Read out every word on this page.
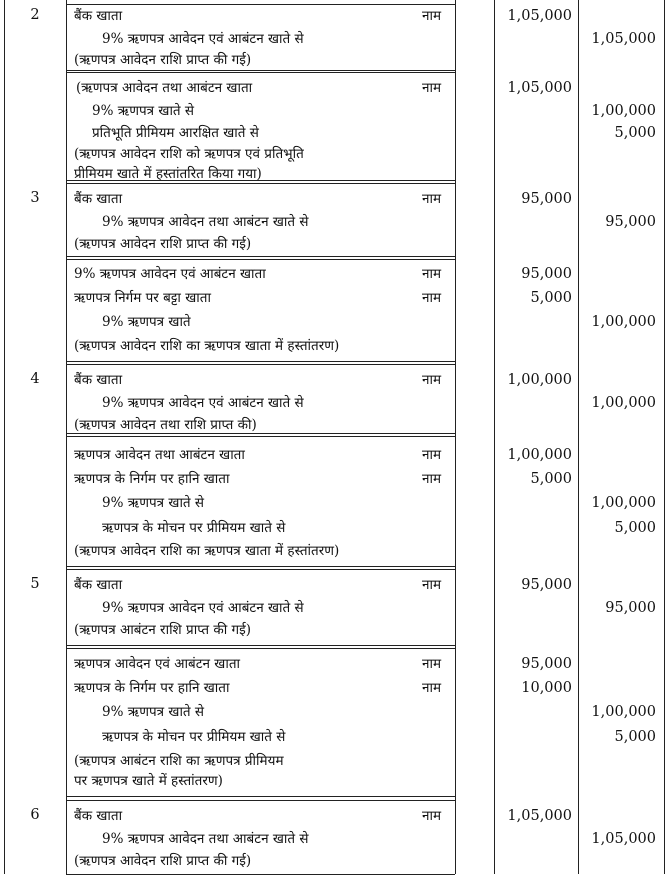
2	बैंक खाता	नाम	1,05,000
9% ऋणपत्र आवेदन एवं आबंटन खाते से	1,05,000
(ऋणपत्र आवेदन राशि प्राप्त की गई)
(ऋणपत्र आवेदन तथा आबंटन खाता	नाम	1,05,000
9% ऋणपत्र खाते से	1,00,000
प्रतिभूति प्रीमियम आरक्षित खाते से	5,000
(ऋणपत्र आवेदन राशि को ऋणपत्र एवं प्रतिभूति
प्रीमियम खाते में हस्तांतरित किया गया)
3	बैंक खाता	नाम	95,000
9% ऋणपत्र आवेदन तथा आबंटन खाते से	95,000
(ऋणपत्र आवेदन राशि प्राप्त की गई)
9% ऋणपत्र आवेदन एवं आबंटन खाता	नाम	95,000
ऋणपत्र निर्गम पर बट्टा खाता	नाम	5,000
9% ऋणपत्र खाते	1,00,000
(ऋणपत्र आवेदन राशि का ऋणपत्र खाता में हस्तांतरण)
4	बैंक खाता	नाम	1,00,000
9% ऋणपत्र आवेदन एवं आबंटन खाते से	1,00,000
(ऋणपत्र आवेदन तथा राशि प्राप्त की)
ऋणपत्र आवेदन तथा आबंटन खाता	नाम	1,00,000
ऋणपत्र के निर्गम पर हानि खाता	नाम	5,000
9% ऋणपत्र खाते से	1,00,000
ऋणपत्र के मोचन पर प्रीमियम खाते से	5,000
(ऋणपत्र आवेदन राशि का ऋणपत्र खाता में हस्तांतरण)
5	बैंक खाता	नाम	95,000
9% ऋणपत्र आवेदन एवं आबंटन खाते से	95,000
(ऋणपत्र आबंटन राशि प्राप्त की गई)
ऋणपत्र आवेदन एवं आबंटन खाता	नाम	95,000
ऋणपत्र के निर्गम पर हानि खाता	नाम	10,000
9% ऋणपत्र खाते से	1,00,000
ऋणपत्र के मोचन पर प्रीमियम खाते से	5,000
(ऋणपत्र आबंटन राशि का ऋणपत्र प्रीमियम
पर ऋणपत्र खाते में हस्तांतरण)
6	बैंक खाता	नाम	1,05,000
9% ऋणपत्र आवेदन तथा आबंटन खाते से	1,05,000
(ऋणपत्र आवेदन राशि प्राप्त की गई)
